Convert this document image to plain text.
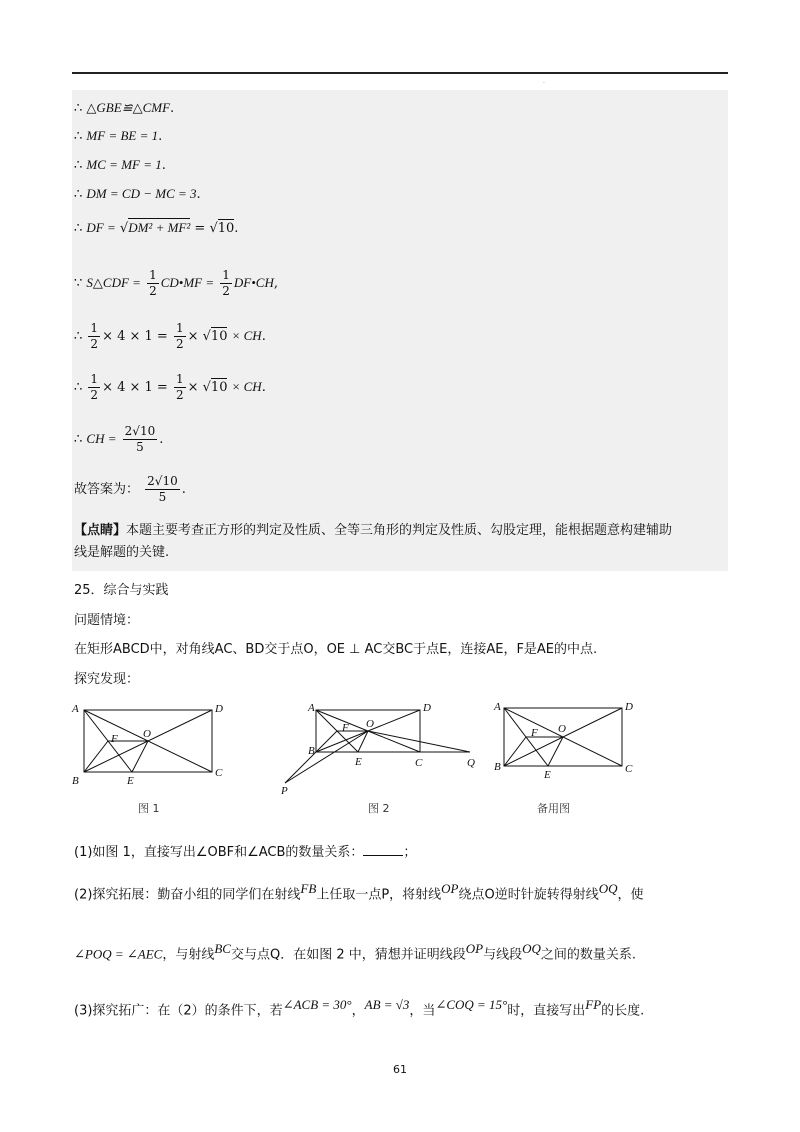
·
∴ △GBE≌△CMF.
∴ MF = BE = 1.
∴ MC = MF = 1.
∴ DM = CD − MC = 3.
∴ DF = √DM² + MF² = √10.
∵ S△CDF = $\frac{1}{2}$ CD•MF = $\frac{1}{2}$ DF•CH,
∴ $\frac{1}{2} \times 4 \times 1 = \frac{1}{2} \times √10$ × CH.
∴ $\frac{1}{2} \times 4 \times 1 = \frac{1}{2} \times √10$ × CH.
∴ CH = $\frac{2√10}{5}$ .
故答案为： $\frac{2√10}{5}$ .
【点睛】本题主要考查正方形的判定及性质、全等三角形的判定及性质、勾股定理，能根据题意构建辅助
线是解题的关键.
25．综合与实践
问题情境：
在矩形ABCD中，对角线AC、BD交于点O，OE ⊥ AC交BC于点E，连接AE，F是AE的中点.
探究发现：
A	D
B
C
O
F
E
图 1
A	D
B
C
O
F
E	Q
P
图 2
A	D
B	C
O
F
E
备用图
(1)如图 1，直接写出∠OBF和∠ACB的数量关系：	；
(2)探究拓展：勤奋小组的同学们在射线$^{FB}$上任取一点P，将射线$^{OP}$绕点O逆时针旋转得射线$^{OQ}$，使
∠POQ = ∠AEC，与射线$^{BC}$交与点Q．在如图 2 中，猜想并证明线段$^{OP}$与线段$^{OQ}$之间的数量关系.
(3)探究拓广：在（2）的条件下，若$^{\angle ACB = 30^\circ}$，$^{AB = √3}$，当$^{\angle COQ = 15^\circ}$时，直接写出$^{FP}$的长度.
61
